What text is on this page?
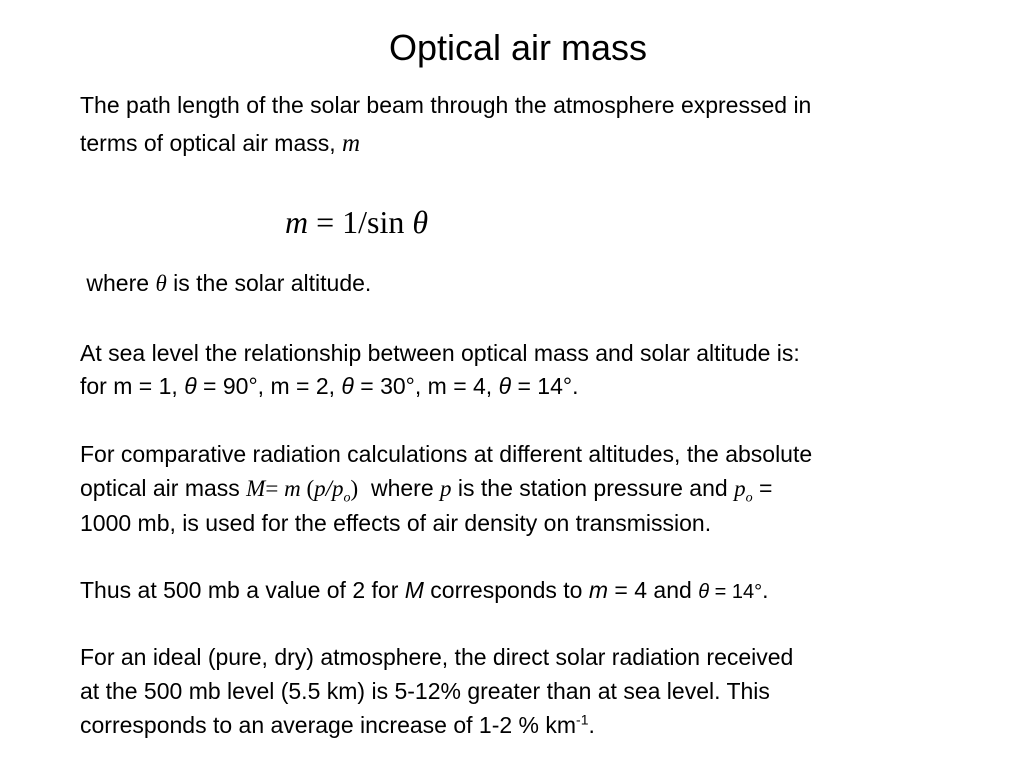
Optical air mass
The path length of the solar beam through the atmosphere expressed in
terms of optical air mass, m
m = 1/sin θ
where θ is the solar altitude.
At sea level the relationship between optical mass and solar altitude is:
for m = 1, θ = 90°, m = 2, θ = 30°, m = 4, θ = 14°.
For comparative radiation calculations at different altitudes, the absolute
optical air mass M= m $(p/p_o)$  where p is the station pressure and $p_o$ =
1000 mb, is used for the effects of air density on transmission.
Thus at 500 mb a value of 2 for M corresponds to m = 4 and θ = 14°.
For an ideal (pure, dry) atmosphere, the direct solar radiation received
at the 500 mb level (5.5 km) is 5-12% greater than at sea level. This
corresponds to an average increase of 1-2 % $km^{-1}$.
